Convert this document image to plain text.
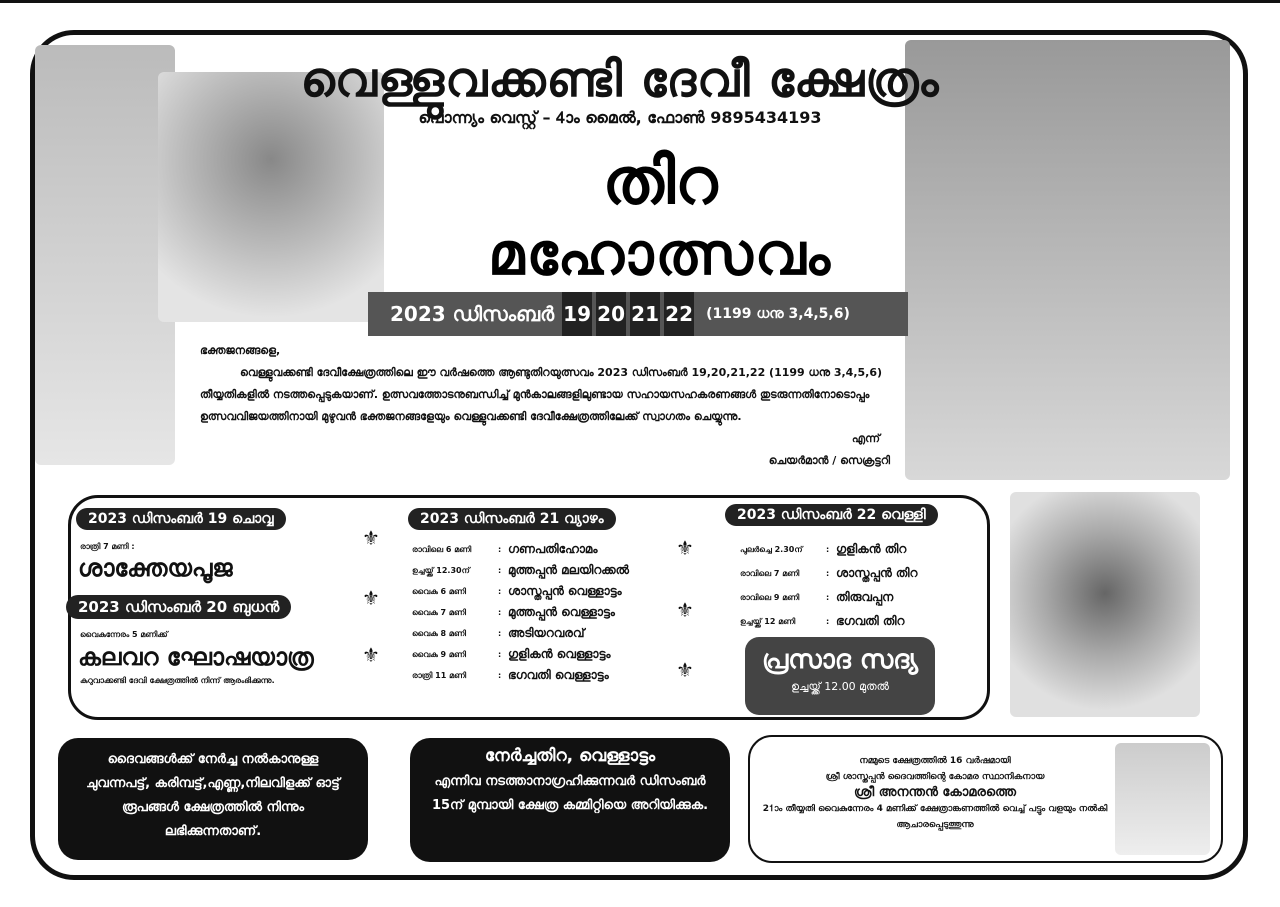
വെള്ളുവക്കണ്ടി ദേവീ ക്ഷേത്രം
പൊന്ന്യം വെസ്റ്റ് – 4ാം മൈൽ, ഫോൺ 9895434193
തിറ
മഹോത്സവം
2023 ഡിസംബർ 19 20 21 22 (1199 ധനു 3,4,5,6)
ഭക്തജനങ്ങളെ,

വെള്ളുവക്കണ്ടി ദേവീക്ഷേത്രത്തിലെ ഈ വർഷത്തെ ആണ്ടുതിറയുത്സവം 2023 ഡിസംബർ 19,20,21,22 (1199 ധനു 3,4,5,6) തീയ്യതികളിൽ നടത്തപ്പെടുകയാണ്. ഉത്സവത്തോടനുബന്ധിച്ച് മുൻകാലങ്ങളിലുണ്ടായ സഹായസഹകരണങ്ങൾ തുടരുന്നതിനോടൊപ്പം ഉത്സവവിജയത്തിനായി മുഴുവൻ ഭക്തജനങ്ങളേയും വെള്ളുവക്കണ്ടി ദേവീക്ഷേത്രത്തിലേക്ക് സ്വാഗതം ചെയ്യുന്നു.

എന്ന്
ചെയർമാൻ / സെക്രട്ടറി
2023 ഡിസംബർ 19 ചൊവ്വ
രാത്രി 7 മണി :
ശാക്തേയപൂജ
2023 ഡിസംബർ 20 ബുധൻ
വൈകുന്നേരം 5 മണിക്ക്
കലവറ ഘോഷയാത്ര
കുറുവാക്കണ്ടി ദേവി ക്ഷേത്രത്തിൽ നിന്ന് ആരംഭിക്കുന്നു.
⚜
⚜
⚜
2023 ഡിസംബർ 21 വ്യാഴം
രാവിലെ 6 മണി	: ഗണപതിഹോമം
ഉച്ചയ്ക്ക് 12.30ന്	: മുത്തപ്പൻ മലയിറക്കൽ
വൈകു 6 മണി	: ശാസ്തപ്പൻ വെള്ളാട്ടം
വൈകു 7 മണി	: മുത്തപ്പൻ വെള്ളാട്ടം
വൈകു 8 മണി	: അടിയറവരവ്
വൈകു 9 മണി	: ഗുളികൻ വെള്ളാട്ടം
രാത്രി 11 മണി	: ഭഗവതി വെള്ളാട്ടം
⚜
⚜
⚜
2023 ഡിസംബർ 22 വെള്ളി
പുലർച്ചെ 2.30ന്	: ഗുളികൻ തിറ
രാവിലെ 7 മണി	: ശാസ്തപ്പൻ തിറ
രാവിലെ 9 മണി	: തിരുവപ്പന
ഉച്ചയ്ക്ക് 12 മണി	: ഭഗവതി തിറ
പ്രസാദ സദ്യ
ഉച്ചയ്ക്ക് 12.00 മുതൽ
ദൈവങ്ങൾക്ക് നേർച്ച നൽകാനുള്ള ചുവന്നപട്ട്, കരിമ്പട്ട്,എണ്ണ,നിലവിളക്ക് ഓട്ട് രൂപങ്ങൾ ക്ഷേത്രത്തിൽ നിന്നും ലഭിക്കുന്നതാണ്.
നേർച്ചതിറ, വെള്ളാട്ടം
എന്നിവ നടത്താനാഗ്രഹിക്കുന്നവർ ഡിസംബർ 15ന് മുമ്പായി ക്ഷേത്ര കമ്മിറ്റിയെ അറിയിക്കുക.
നമ്മുടെ ക്ഷേത്രത്തിൽ 16 വർഷമായി
ശ്രീ ശാസ്തപ്പൻ ദൈവത്തിന്റെ കോമര സ്ഥാനികനായ
ശ്രീ അനന്തൻ കോമരത്തെ
21ാം തീയ്യതി വൈകുന്നേരം 4 മണിക്ക് ക്ഷേത്രാങ്കണത്തിൽ വെച്ച് പട്ടും വളയും നൽകി ആചാരപ്പെടുത്തുന്നു
